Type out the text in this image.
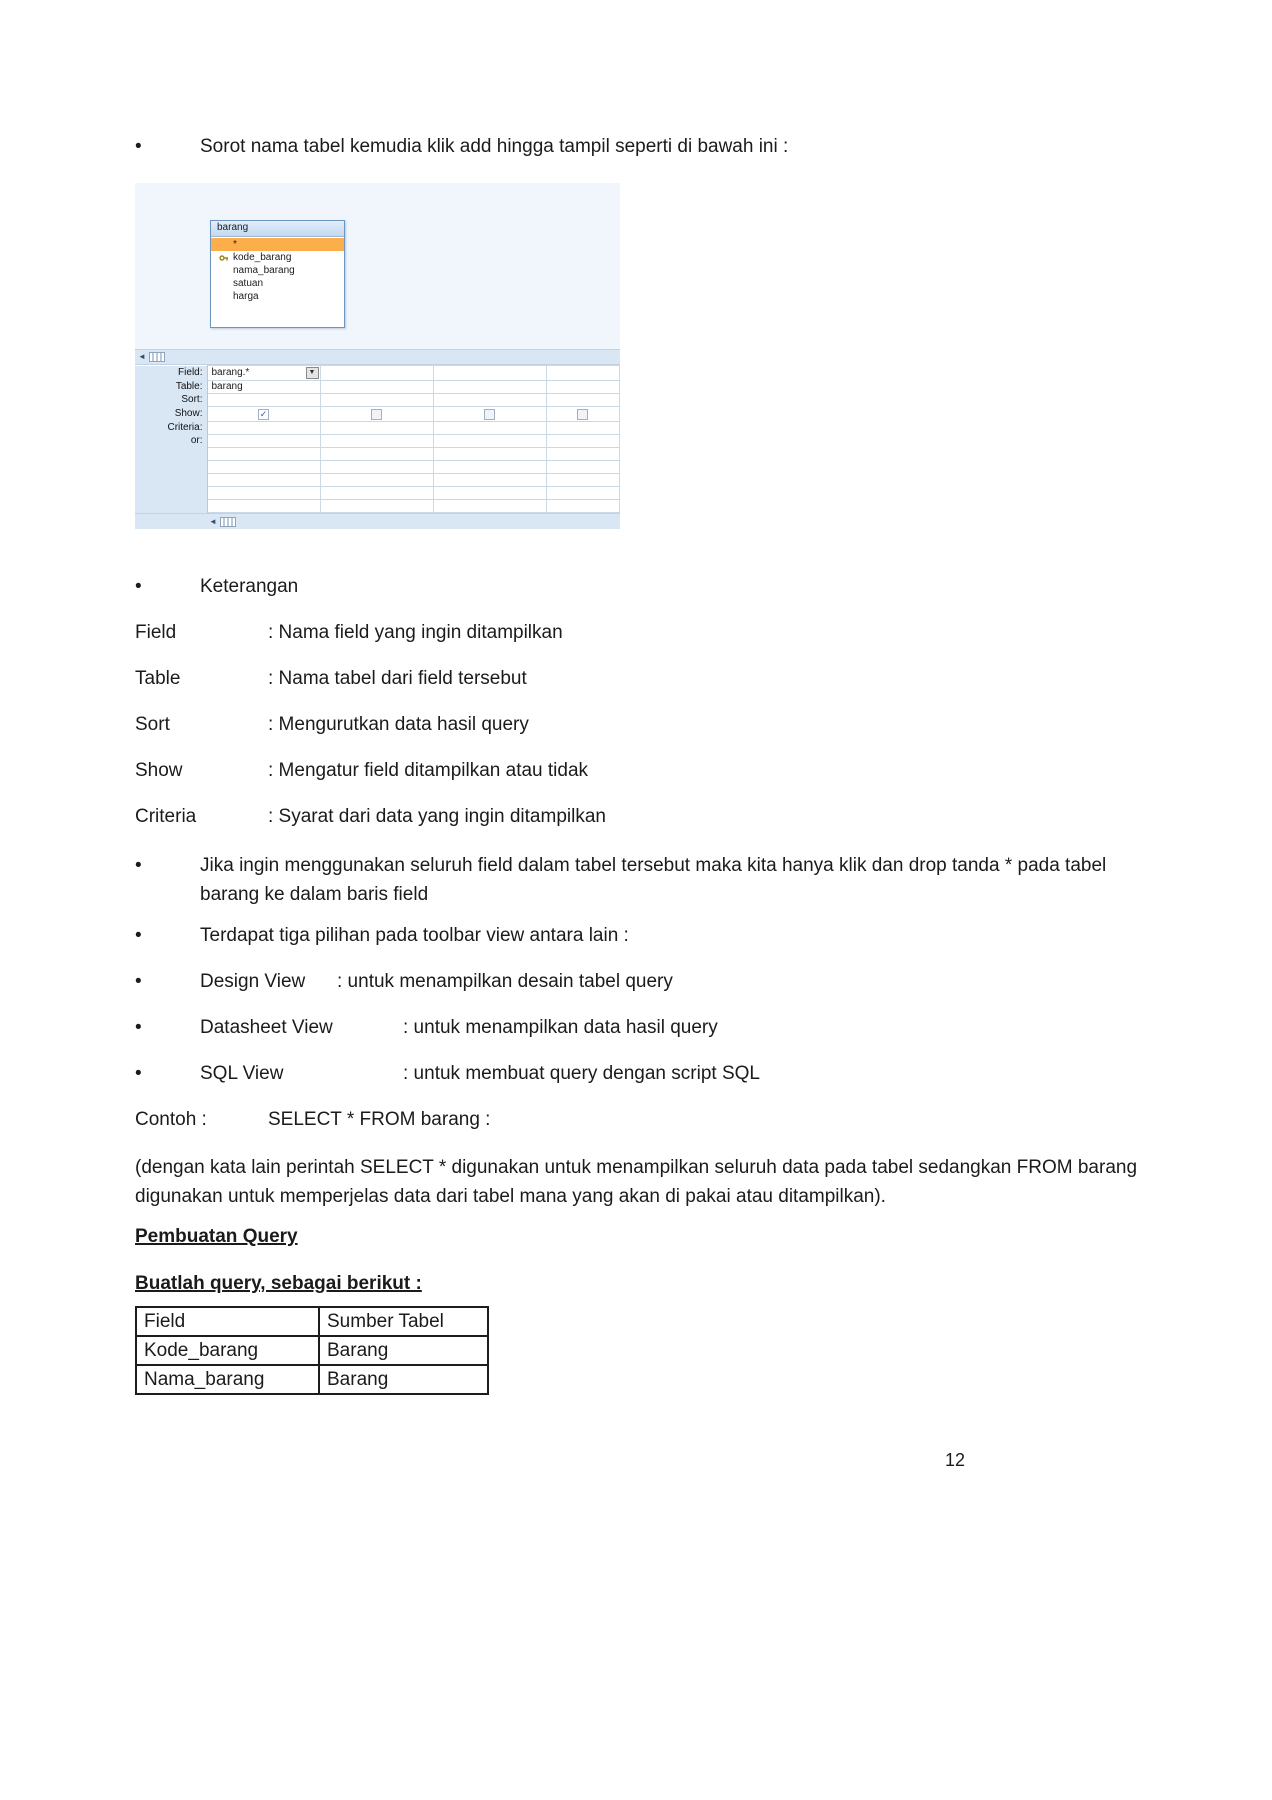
•	Sorot nama tabel kemudia klik add hingga tampil seperti di bawah ini :
barang
*
kode_barang
nama_barang
satuan
harga
◄
Field:	barang.* ▼			

Table:	barang			
Sort:				
Show:	✓

Criteria:				
or:				

◄
•	Keterangan
Field	: Nama field yang ingin ditampilkan
Table	: Nama tabel dari field tersebut
Sort	: Mengurutkan data hasil query
Show	: Mengatur field ditampilkan atau tidak
Criteria	: Syarat dari data yang ingin ditampilkan
•	Jika ingin menggunakan seluruh field dalam tabel tersebut maka kita hanya klik dan drop tanda * pada tabel barang ke dalam baris field
•	Terdapat tiga pilihan pada toolbar view antara lain :
•	Design View	: untuk menampilkan desain tabel query
•	Datasheet View	: untuk menampilkan data hasil query
•	SQL View	: untuk membuat query dengan script SQL
Contoh :	SELECT * FROM barang :
(dengan kata lain perintah SELECT * digunakan untuk menampilkan seluruh data pada tabel sedangkan FROM barang digunakan untuk memperjelas data dari tabel mana yang akan di pakai atau ditampilkan).
Pembuatan Query
Buatlah query, sebagai berikut :
Field	Sumber Tabel
Kode_barang	Barang
Nama_barang	Barang
12
